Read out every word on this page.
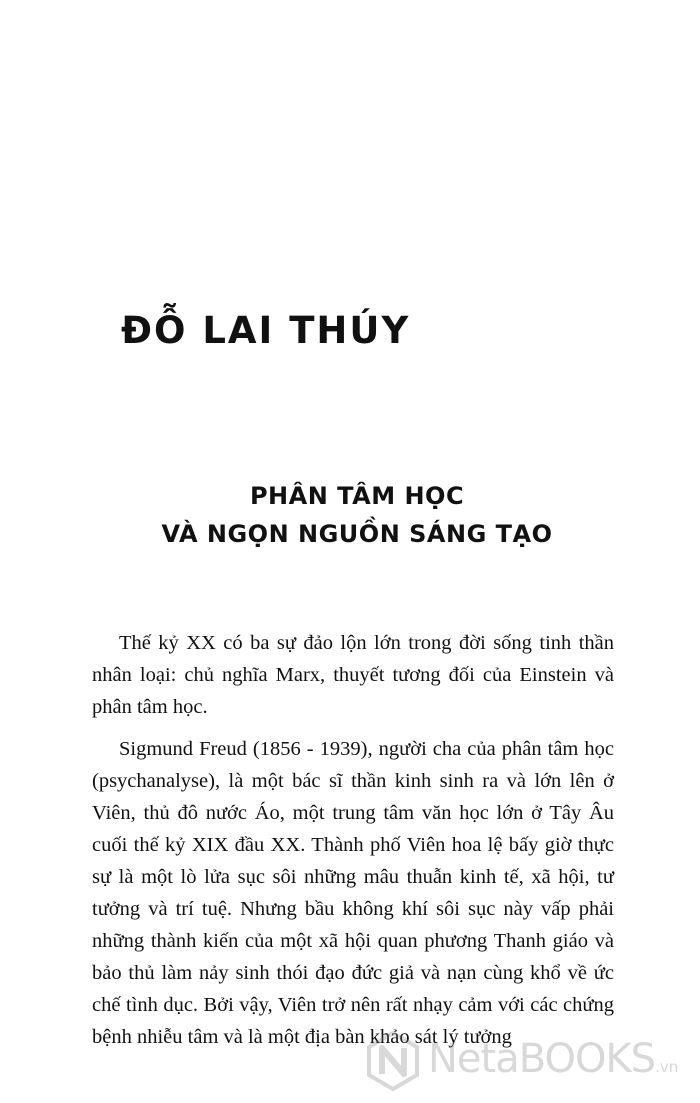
ĐỖ LAI THÚY
PHÂN TÂM HỌC
VÀ NGỌN NGUỒN SÁNG TẠO

Thế kỷ XX có ba sự đảo lộn lớn trong đời sống tinh thần nhân loại: chủ nghĩa Marx, thuyết tương đối của Einstein và phân tâm học.

Sigmund Freud (1856 - 1939), người cha của phân tâm học (psychanalyse), là một bác sĩ thần kinh sinh ra và lớn lên ở Viên, thủ đô nước Áo, một trung tâm văn học lớn ở Tây Âu cuối thế kỷ XIX đầu XX. Thành phố Viên hoa lệ bấy giờ thực sự là một lò lửa sục sôi những mâu thuẫn kinh tế, xã hội, tư tưởng và trí tuệ. Nhưng bầu không khí sôi sục này vấp phải những thành kiến của một xã hội quan phương Thanh giáo và bảo thủ làm nảy sinh thói đạo đức giả và nạn cùng khổ về ức chế tình dục. Bởi vậy, Viên trở nên rất nhạy cảm với các chứng bệnh nhiễu tâm và là một địa bàn khảo sát lý tưởng

NetaBOOKS.vn
